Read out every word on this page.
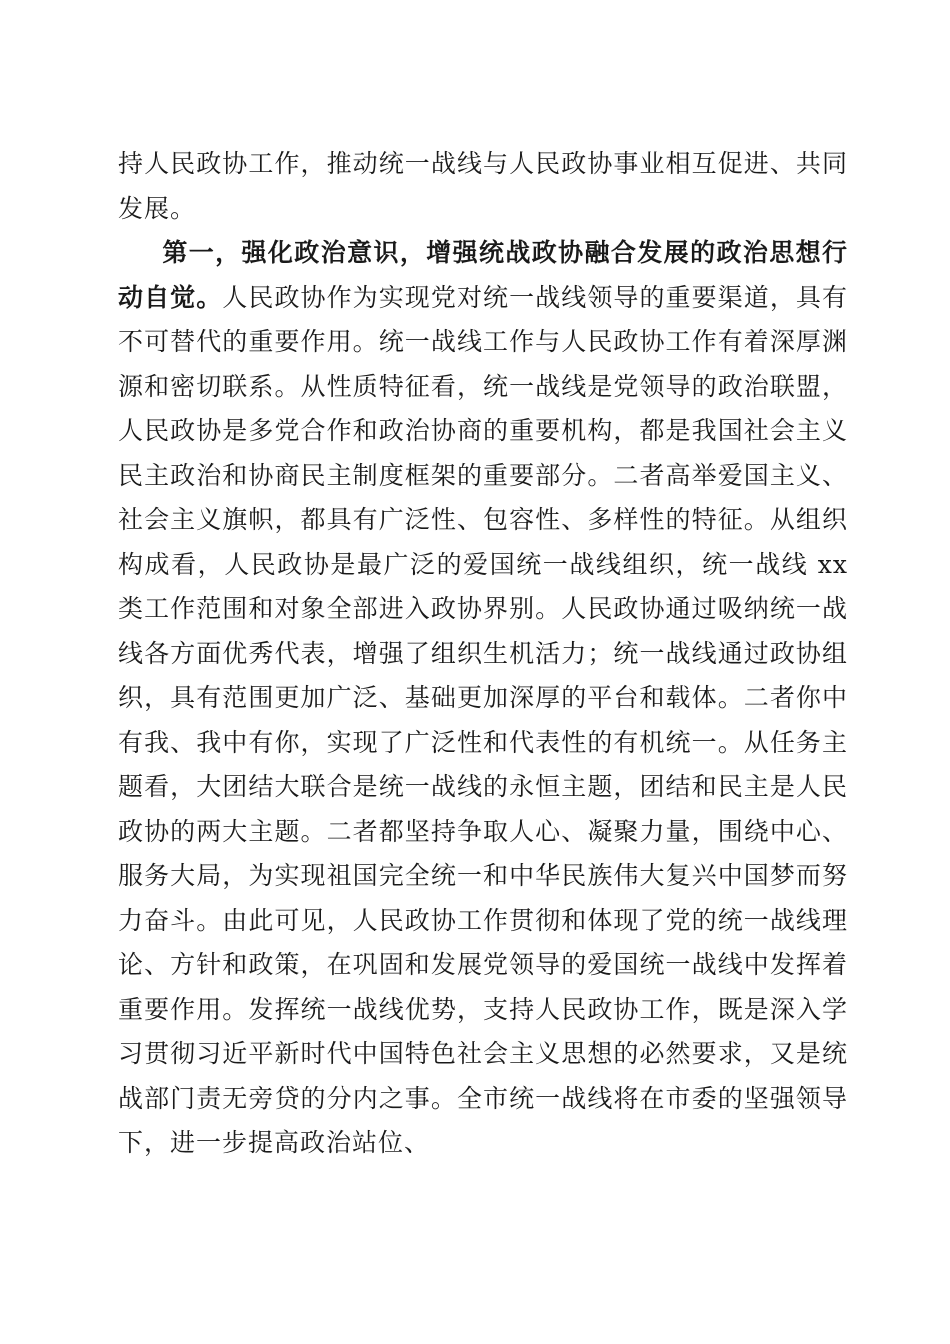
持人民政协工作，推动统一战线与人民政协事业相互促进、共同发展。

第一，强化政治意识，增强统战政协融合发展的政治思想行动自觉。人民政协作为实现党对统一战线领导的重要渠道，具有不可替代的重要作用。统一战线工作与人民政协工作有着深厚渊源和密切联系。从性质特征看，统一战线是党领导的政治联盟，人民政协是多党合作和政治协商的重要机构，都是我国社会主义民主政治和协商民主制度框架的重要部分。二者高举爱国主义、社会主义旗帜，都具有广泛性、包容性、多样性的特征。从组织构成看，人民政协是最广泛的爱国统一战线组织，统一战线 xx 类工作范围和对象全部进入政协界别。人民政协通过吸纳统一战线各方面优秀代表，增强了组织生机活力；统一战线通过政协组织，具有范围更加广泛、基础更加深厚的平台和载体。二者你中有我、我中有你，实现了广泛性和代表性的有机统一。从任务主题看，大团结大联合是统一战线的永恒主题，团结和民主是人民政协的两大主题。二者都坚持争取人心、凝聚力量，围绕中心、服务大局，为实现祖国完全统一和中华民族伟大复兴中国梦而努力奋斗。由此可见，人民政协工作贯彻和体现了党的统一战线理论、方针和政策，在巩固和发展党领导的爱国统一战线中发挥着重要作用。发挥统一战线优势，支持人民政协工作，既是深入学习贯彻习近平新时代中国特色社会主义思想的必然要求，又是统战部门责无旁贷的分内之事。全市统一战线将在市委的坚强领导下，进一步提高政治站位、
